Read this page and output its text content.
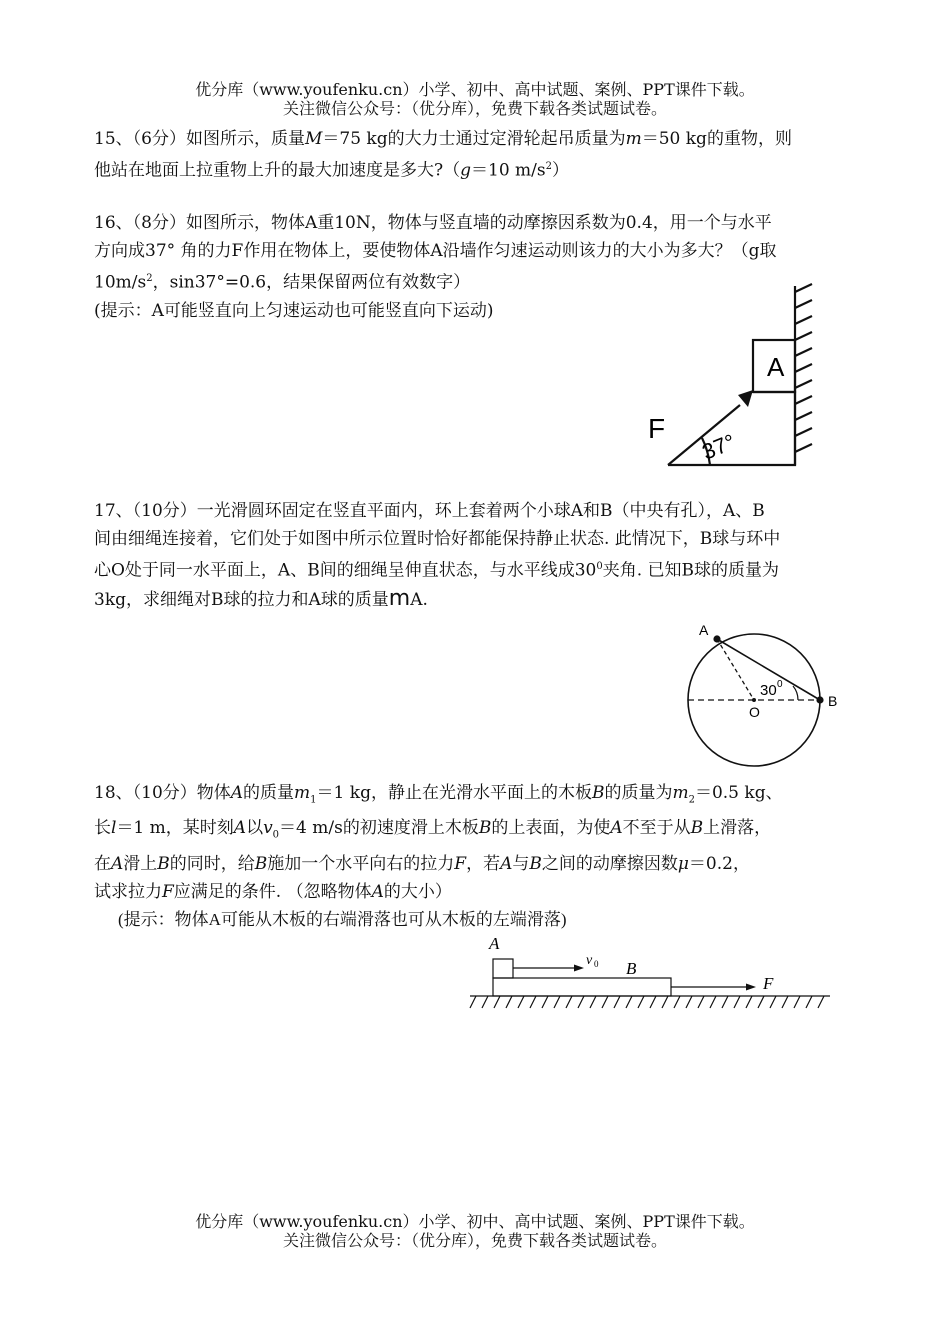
优分库（www.youfenku.cn）小学、初中、高中试题、案例、PPT课件下载。
关注微信公众号：（优分库），免费下载各类试题试卷。

15、（6分）如图所示，质量M＝75 kg的大力士通过定滑轮起吊质量为m＝50 kg的重物，则

他站在地面上拉重物上升的最大加速度是多大?（g＝10 $m/s^2$）

16、（8分）如图所示，物体A重10N，物体与竖直墙的动摩擦因系数为0.4，用一个与水平

方向成37° 角的力F作用在物体上，要使物体A沿墙作匀速运动则该力的大小为多大？（g取

$10m/s^2$，sin37°=0.6，结果保留两位有效数字）

(提示：A可能竖直向上匀速运动也可能竖直向下运动)

A
F
37°

17、（10分）一光滑圆环固定在竖直平面内，环上套着两个小球A和B（中央有孔），A、B

间由细绳连接着，它们处于如图中所示位置时恰好都能保持静止状态. 此情况下，B球与环中

心O处于同一水平面上，A、B间的细绳呈伸直状态，与水平线成$30^0$夹角. 已知B球的质量为

3kg，求细绳对B球的拉力和A球的质量mA.

A
B
O
30 0

18、（10分）物体A的质量$m_1=1$ kg，静止在光滑水平面上的木板B的质量为$m_2=0.5$ kg、

长l＝1 m，某时刻A以$v_0=4$ m/s的初速度滑上木板B的上表面，为使A不至于从B上滑落，

在A滑上B的同时，给B施加一个水平向右的拉力F，若A与B之间的动摩擦因数μ＝0.2，

试求拉力F应满足的条件. （忽略物体A的大小）

(提示：物体A可能从木板的右端滑落也可从木板的左端滑落)

A
v 0 B
F
优分库（www.youfenku.cn）小学、初中、高中试题、案例、PPT课件下载。
关注微信公众号：（优分库），免费下载各类试题试卷。
